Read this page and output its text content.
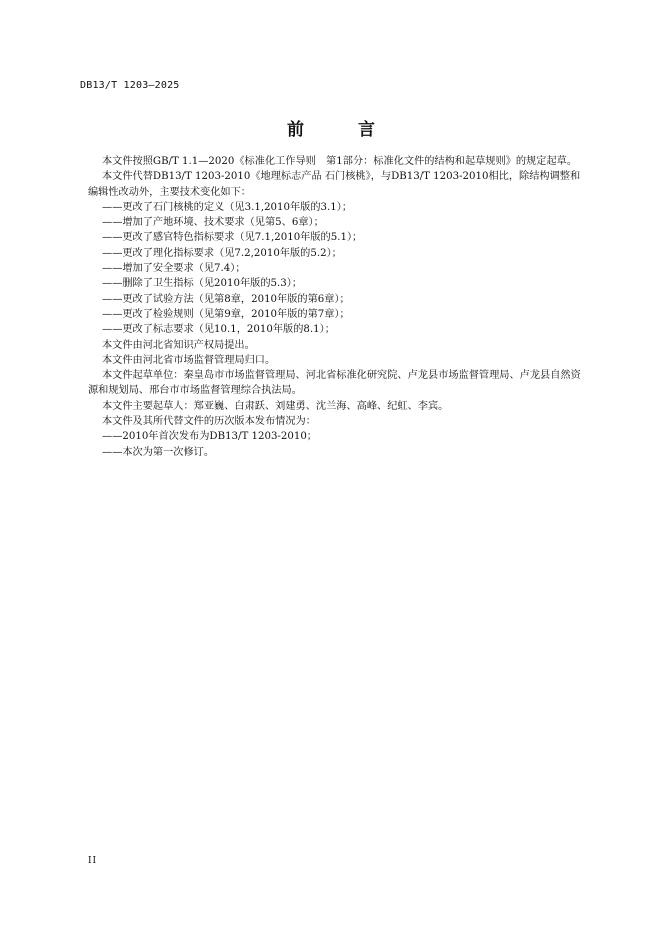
DB13/T 1203—2025
前 言

本文件按照GB/T 1.1—2020《标准化工作导则　第1部分：标准化文件的结构和起草规则》的规定起草。

本文件代替DB13/T 1203-2010《地理标志产品 石门核桃》，与DB13/T 1203-2010相比，除结构调整和编辑性改动外，主要技术变化如下：

——更改了石门核桃的定义（见3.1,2010年版的3.1）；

——增加了产地环境、技术要求（见第5、6章）；

——更改了感官特色指标要求（见7.1,2010年版的5.1）；

——更改了理化指标要求（见7.2,2010年版的5.2）；

——增加了安全要求（见7.4）；

——删除了卫生指标（见2010年版的5.3）；

——更改了试验方法（见第8章，2010年版的第6章）；

——更改了检验规则（见第9章，2010年版的第7章）；

——更改了标志要求（见10.1，2010年版的8.1）；

本文件由河北省知识产权局提出。

本文件由河北省市场监督管理局归口。

本文件起草单位：秦皇岛市市场监督管理局、河北省标准化研究院、卢龙县市场监督管理局、卢龙县自然资源和规划局、邢台市市场监督管理综合执法局。

本文件主要起草人：郑亚巍、白肃跃、刘建勇、沈兰海、高峰、纪虹、李宾。

本文件及其所代替文件的历次版本发布情况为：

——2010年首次发布为DB13/T 1203-2010；

——本次为第一次修订。

II
